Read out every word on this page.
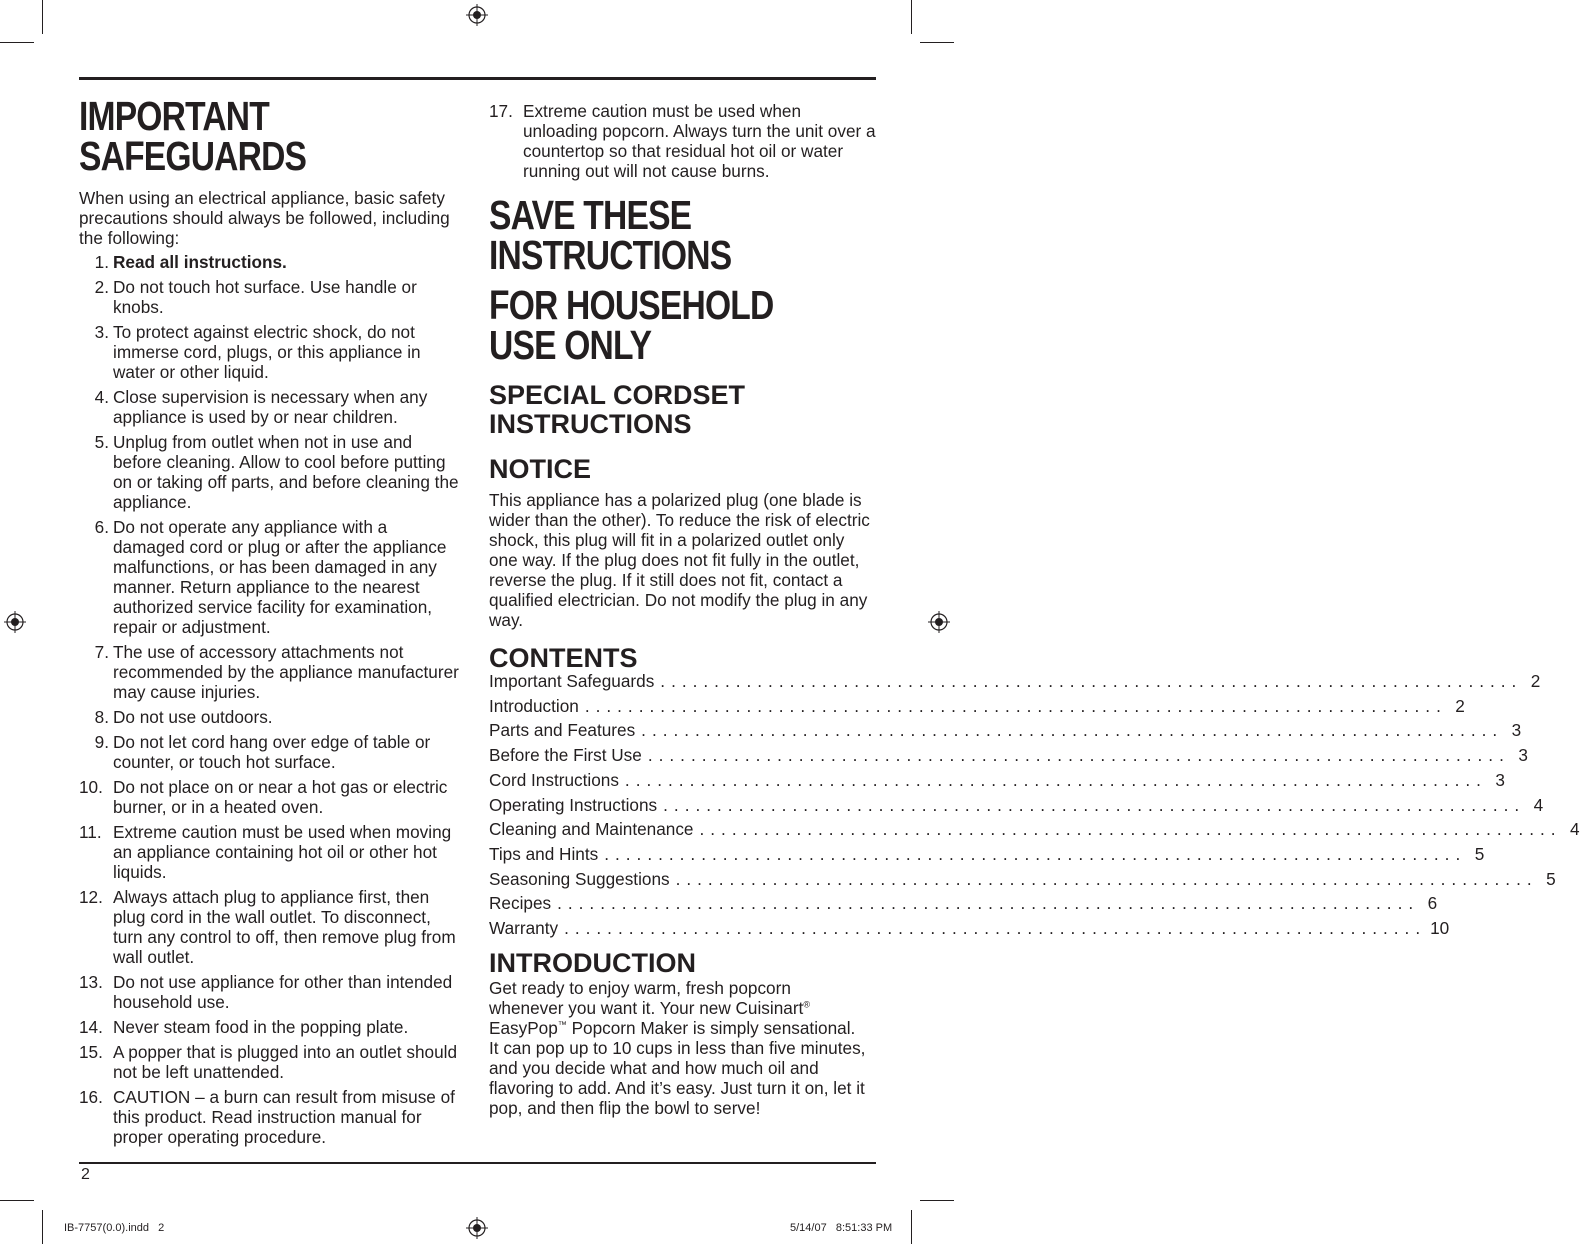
IMPORTANT
SAFEGUARDS

When using an electrical appliance, basic safety precautions should always be followed, including the following:

1. Read all instructions.
2. Do not touch hot surface. Use handle or knobs.
3. To protect against electric shock, do not immerse cord, plugs, or this appliance in water or other liquid.
4. Close supervision is necessary when any appliance is used by or near children.
5. Unplug from outlet when not in use and before cleaning. Allow to cool before putting on or taking off parts, and before cleaning the appliance.
6. Do not operate any appliance with a damaged cord or plug or after the appliance malfunctions, or has been damaged in any manner. Return appliance to the nearest authorized service facility for examination, repair or adjustment.
7. The use of accessory attachments not recommended by the appliance manufacturer may cause injuries.
8. Do not use outdoors.
9. Do not let cord hang over edge of table or counter, or touch hot surface.
10. Do not place on or near a hot gas or electric burner, or in a heated oven.
11. Extreme caution must be used when moving an appliance containing hot oil or other hot liquids.
12. Always attach plug to appliance first, then plug cord in the wall outlet. To disconnect, turn any control to off, then remove plug from wall outlet.
13. Do not use appliance for other than intended household use.
14. Never steam food in the popping plate.
15. A popper that is plugged into an outlet should not be left unattended.
16. CAUTION – a burn can result from misuse of this product. Read instruction manual for proper operating procedure.
17. Extreme caution must be used when unloading popcorn. Always turn the unit over a countertop so that residual hot oil or water running out will not cause burns.
SAVE THESE
INSTRUCTIONS
FOR HOUSEHOLD
USE ONLY
SPECIAL CORDSET INSTRUCTIONS
NOTICE

This appliance has a polarized plug (one blade is wider than the other). To reduce the risk of electric shock, this plug will fit in a polarized outlet only one way. If the plug does not fit fully in the outlet, reverse the plug. If it still does not fit, contact a qualified electrician. Do not modify the plug in any way.

CONTENTS
Important Safeguards ................................................................................ 2
Introduction ................................................................................ 2
Parts and Features ................................................................................ 3
Before the First Use ................................................................................ 3
Cord Instructions ................................................................................ 3
Operating Instructions ................................................................................ 4
Cleaning and Maintenance ................................................................................ 4
Tips and Hints ................................................................................ 5
Seasoning Suggestions ................................................................................ 5
Recipes ................................................................................ 6
Warranty ................................................................................ 10
INTRODUCTION

Get ready to enjoy warm, fresh popcorn whenever you want it. Your new Cuisinart® EasyPop™ Popcorn Maker is simply sensational. It can pop up to 10 cups in less than five minutes, and you decide what and how much oil and flavoring to add. And it’s easy. Just turn it on, let it pop, and then flip the bowl to serve!

2
IB-7757(0.0).indd   2	5/14/07   8:51:33 PM
